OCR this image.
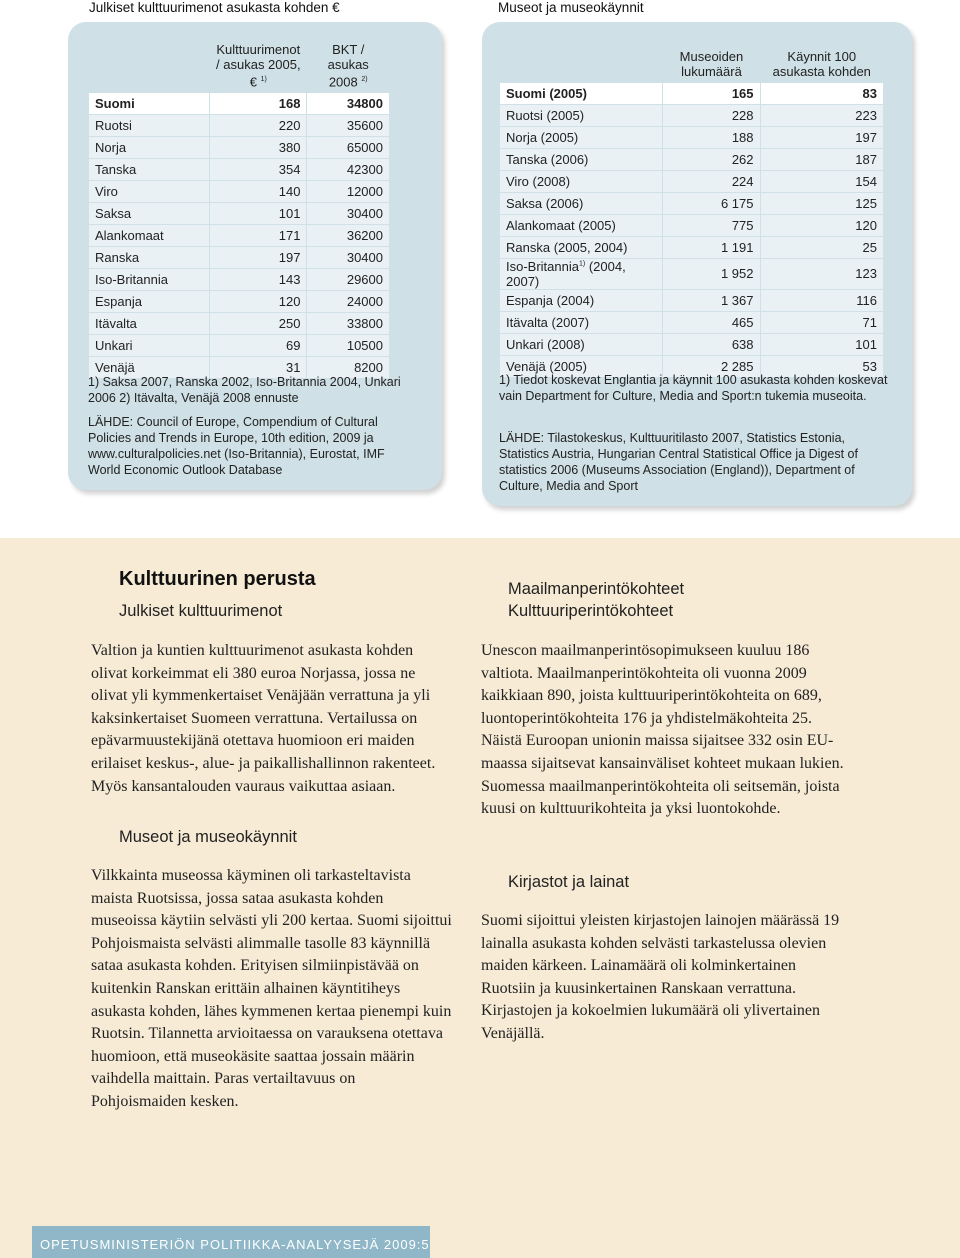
Julkiset kulttuurimenot asukasta kohden €	Museot ja museokäynnit
	Kulttuurimenot / asukas 2005, € $^{1)}$	BKT / asukas 2008 $^{2)}$
Suomi	168	34800
Ruotsi	220	35600
Norja	380	65000
Tanska	354	42300
Viro	140	12000
Saksa	101	30400
Alankomaat	171	36200
Ranska	197	30400
Iso-Britannia	143	29600
Espanja	120	24000
Itävalta	250	33800
Unkari	69	10500
Venäjä	31	8200
1) Saksa 2007, Ranska 2002, Iso-Britannia 2004, Unkari 2006 2) Itävalta, Venäjä 2008 ennuste
LÄHDE: Council of Europe, Compendium of Cultural Policies and Trends in Europe, 10th edition, 2009 ja www.culturalpolicies.net (Iso-Britannia), Eurostat, IMF World Economic Outlook Database
	Museoiden lukumäärä	Käynnit 100 asukasta kohden
Suomi (2005)	165	83
Ruotsi (2005)	228	223
Norja (2005)	188	197
Tanska (2006)	262	187
Viro (2008)	224	154
Saksa (2006)	6 175	125
Alankomaat (2005)	775	120
Ranska (2005, 2004)	1 191	25
Iso-Britannia$^{1)}$ (2004, 2007)	1 952	123
Espanja (2004)	1 367	116
Itävalta (2007)	465	71
Unkari (2008)	638	101
Venäjä (2005)	2 285	53
1) Tiedot koskevat Englantia ja käynnit 100 asukasta kohden koskevat vain Department for Culture, Media and Sport:n tukemia museoita.
LÄHDE: Tilastokeskus, Kulttuuritilasto 2007, Statistics Estonia, Statistics Austria, Hungarian Central Statistical Office ja Digest of statistics 2006 (Museums Association (England)), Department of Culture, Media and Sport
Kulttuurinen perusta
Julkiset kulttuurimenot
Valtion ja kuntien kulttuurimenot asukasta kohden olivat korkeimmat eli 380 euroa Norjassa, jossa ne olivat yli kymmenkertaiset Venäjään verrattuna ja yli kaksinkertaiset Suomeen verrattuna. Vertailussa on epävarmuustekijänä otettava huomioon eri maiden erilaiset keskus-, alue- ja paikallishallinnon rakenteet. Myös kansantalouden vauraus vaikuttaa asiaan.
Museot ja museokäynnit
Vilkkainta museossa käyminen oli tarkasteltavista maista Ruotsissa, jossa sataa asukasta kohden museoissa käytiin selvästi yli 200 kertaa. Suomi sijoittui Pohjoismaista selvästi alimmalle tasolle 83 käynnillä sataa asukasta kohden. Erityisen silmiinpistävää on kuitenkin Ranskan erittäin alhainen käyntitiheys asukasta kohden, lähes kymmenen kertaa pienempi kuin Ruotsin. Tilannetta arvioitaessa on varauksena otettava huomioon, että museokäsite saattaa jossain määrin vaihdella maittain. Paras vertailtavuus on Pohjoismaiden kesken.
Maailmanperintökohteet
Kulttuuriperintökohteet
Unescon maailmanperintösopimukseen kuuluu 186 valtiota. Maailmanperintökohteita oli vuonna 2009 kaikkiaan 890, joista kulttuuriperintökohteita on 689, luontoperintökohteita 176 ja yhdistelmäkohteita 25. Näistä Euroopan unionin maissa sijaitsee 332 osin EU-maassa sijaitsevat kansainväliset kohteet mukaan lukien. Suomessa maailmanperintökohteita oli seitsemän, joista kuusi on kulttuurikohteita ja yksi luontokohde.
Kirjastot ja lainat
Suomi sijoittui yleisten kirjastojen lainojen määrässä 19 lainalla asukasta kohden selvästi tarkastelussa olevien maiden kärkeen. Lainamäärä oli kolminkertainen Ruotsiin ja kuusinkertainen Ranskaan verrattuna. Kirjastojen ja kokoelmien lukumäärä oli ylivertainen Venäjällä.
OPETUSMINISTERIÖN POLITIIKKA-ANALYYSEJÄ 2009:5
